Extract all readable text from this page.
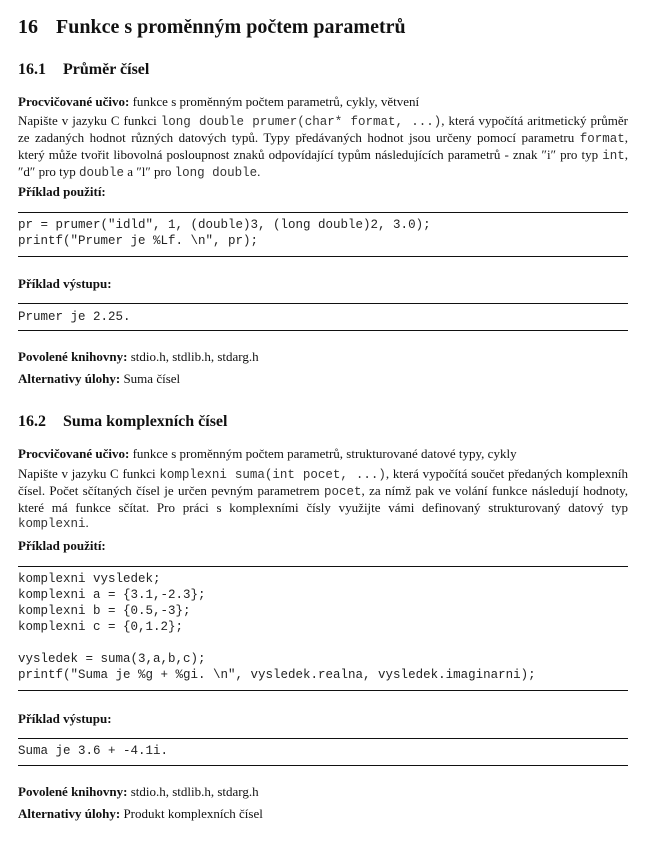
16 Funkce s proměnným počtem parametrů
16.1 Průměr čísel
Procvičované učivo: funkce s proměnným počtem parametrů, cykly, větvení
Napište v jazyku C funkci long double prumer(char* format, ...), která vypočítá aritmetický průměr ze zadaných hodnot různých datových typů. Typy předávaných hodnot jsou určeny pomocí parametru format, který může tvořit libovolná posloupnost znaků odpovídající typům následujících parametrů - znak ″i″ pro typ int,″d″ pro typ double a ″l″ pro long double.
Příklad použití:
pr = prumer("idld", 1, (double)3, (long double)2, 3.0);
printf("Prumer je %Lf. \n", pr);
Příklad výstupu:
Prumer je 2.25.
Povolené knihovny: stdio.h, stdlib.h, stdarg.h
Alternativy úlohy: Suma čísel
16.2 Suma komplexních čísel
Procvičované učivo: funkce s proměnným počtem parametrů, strukturované datové typy, cykly
Napište v jazyku C funkci komplexni suma(int pocet, ...), která vypočítá součet předaných komplexníh čísel. Počet sčítaných čísel je určen pevným parametrem pocet, za nímž pak ve volání funkce následují hodnoty, které má funkce sčítat. Pro práci s komplexními čísly využijte vámi definovaný strukturovaný datový typ komplexni.
Příklad použití:
komplexni vysledek;
komplexni a = {3.1,-2.3};
komplexni b = {0.5,-3};
komplexni c = {0,1.2};

vysledek = suma(3,a,b,c);
printf("Suma je %g + %gi. \n", vysledek.realna, vysledek.imaginarni);
Příklad výstupu:
Suma je 3.6 + -4.1i.
Povolené knihovny: stdio.h, stdlib.h, stdarg.h
Alternativy úlohy: Produkt komplexních čísel
